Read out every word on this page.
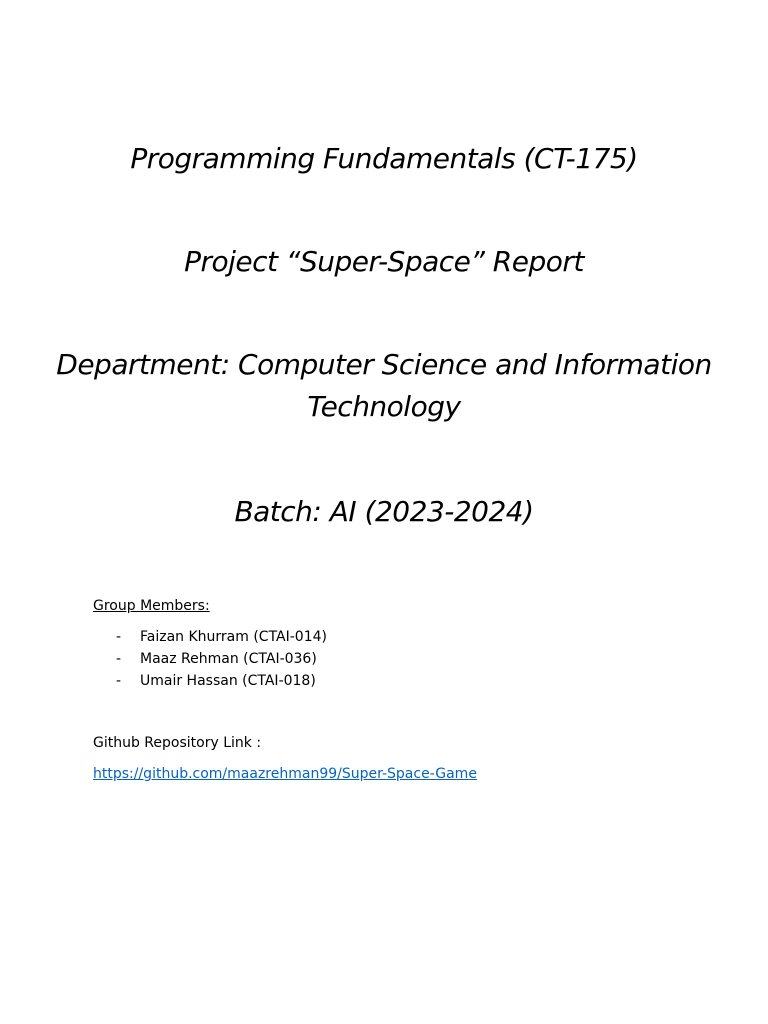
Programming Fundamentals (CT-175)
Project “Super-Space” Report
Department: Computer Science and Information Technology
Batch: AI (2023-2024)
Group Members:
-	Faizan Khurram (CTAI-014)
-	Maaz Rehman (CTAI-036)
-	Umair Hassan (CTAI-018)
Github Repository Link :
https://github.com/maazrehman99/Super-Space-Game
